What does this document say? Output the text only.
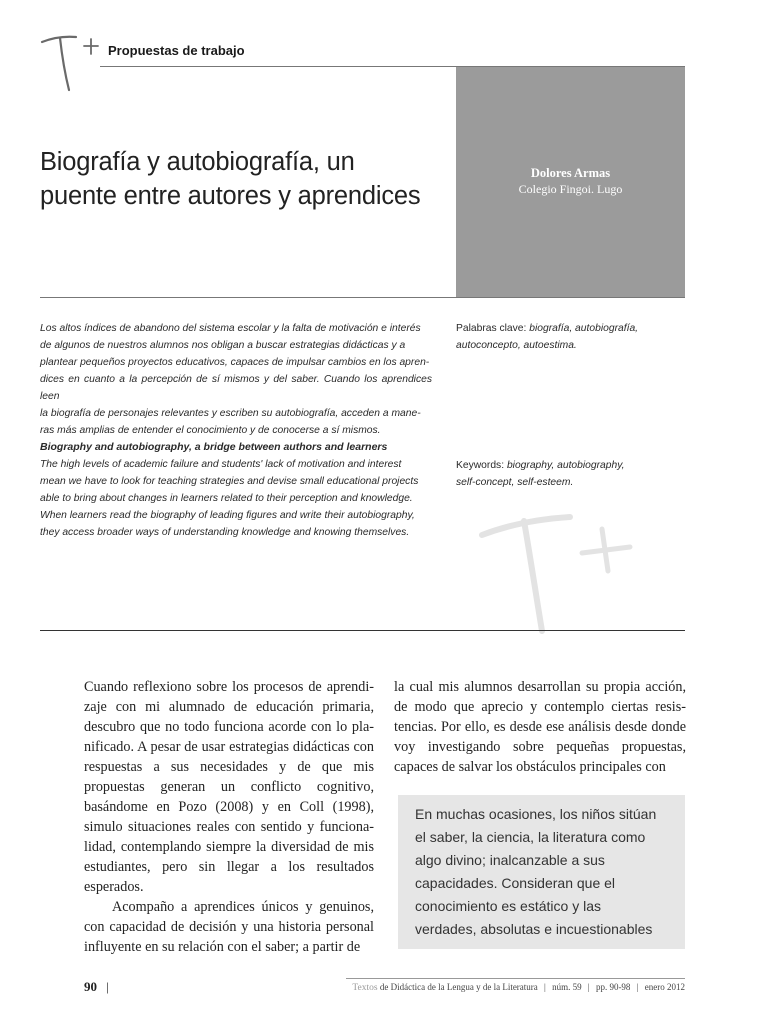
Propuestas de trabajo
Dolores Armas
Colegio Fingoi. Lugo
Biografía y autobiografía, un
puente entre autores y aprendices
Los altos índices de abandono del sistema escolar y la falta de motivación e interés
de algunos de nuestros alumnos nos obligan a buscar estrategias didácticas y a
plantear pequeños proyectos educativos, capaces de impulsar cambios en los apren-
dices en cuanto a la percepción de sí mismos y del saber. Cuando los aprendices leen
la biografía de personajes relevantes y escriben su autobiografía, acceden a mane-
ras más amplias de entender el conocimiento y de conocerse a sí mismos.
Biography and autobiography, a bridge between authors and learners
The high levels of academic failure and students' lack of motivation and interest
mean we have to look for teaching strategies and devise small educational projects
able to bring about changes in learners related to their perception and knowledge.
When learners read the biography of leading figures and write their autobiography,
they access broader ways of understanding knowledge and knowing themselves.
Palabras clave: biografía, autobiografía,
autoconcepto, autoestima.
Keywords: biography, autobiography,
self-concept, self-esteem.

Cuando reflexiono sobre los procesos de aprendi- zaje con mi alumnado de educación primaria, descubro que no todo funciona acorde con lo pla- nificado. A pesar de usar estrategias didácticas con respuestas a sus necesidades y de que mis propuestas generan un conflicto cognitivo, basándome en Pozo (2008) y en Coll (1998), simulo situaciones reales con sentido y funciona- lidad, contemplando siempre la diversidad de mis estudiantes, pero sin llegar a los resultados esperados.

Acompaño a aprendices únicos y genuinos, con capacidad de decisión y una historia personal influyente en su relación con el saber; a partir de

la cual mis alumnos desarrollan su propia acción, de modo que aprecio y contemplo ciertas resis- tencias. Por ello, es desde ese análisis desde donde voy investigando sobre pequeñas propuestas, capaces de salvar los obstáculos principales con

En muchas ocasiones, los niños sitúan
el saber, la ciencia, la literatura como
algo divino; inalcanzable a sus
capacidades. Consideran que el
conocimiento es estático y las
verdades, absolutas e incuestionables
90 |	Textos de Didáctica de la Lengua y de la Literatura | núm. 59 | pp. 90-98 | enero 2012
